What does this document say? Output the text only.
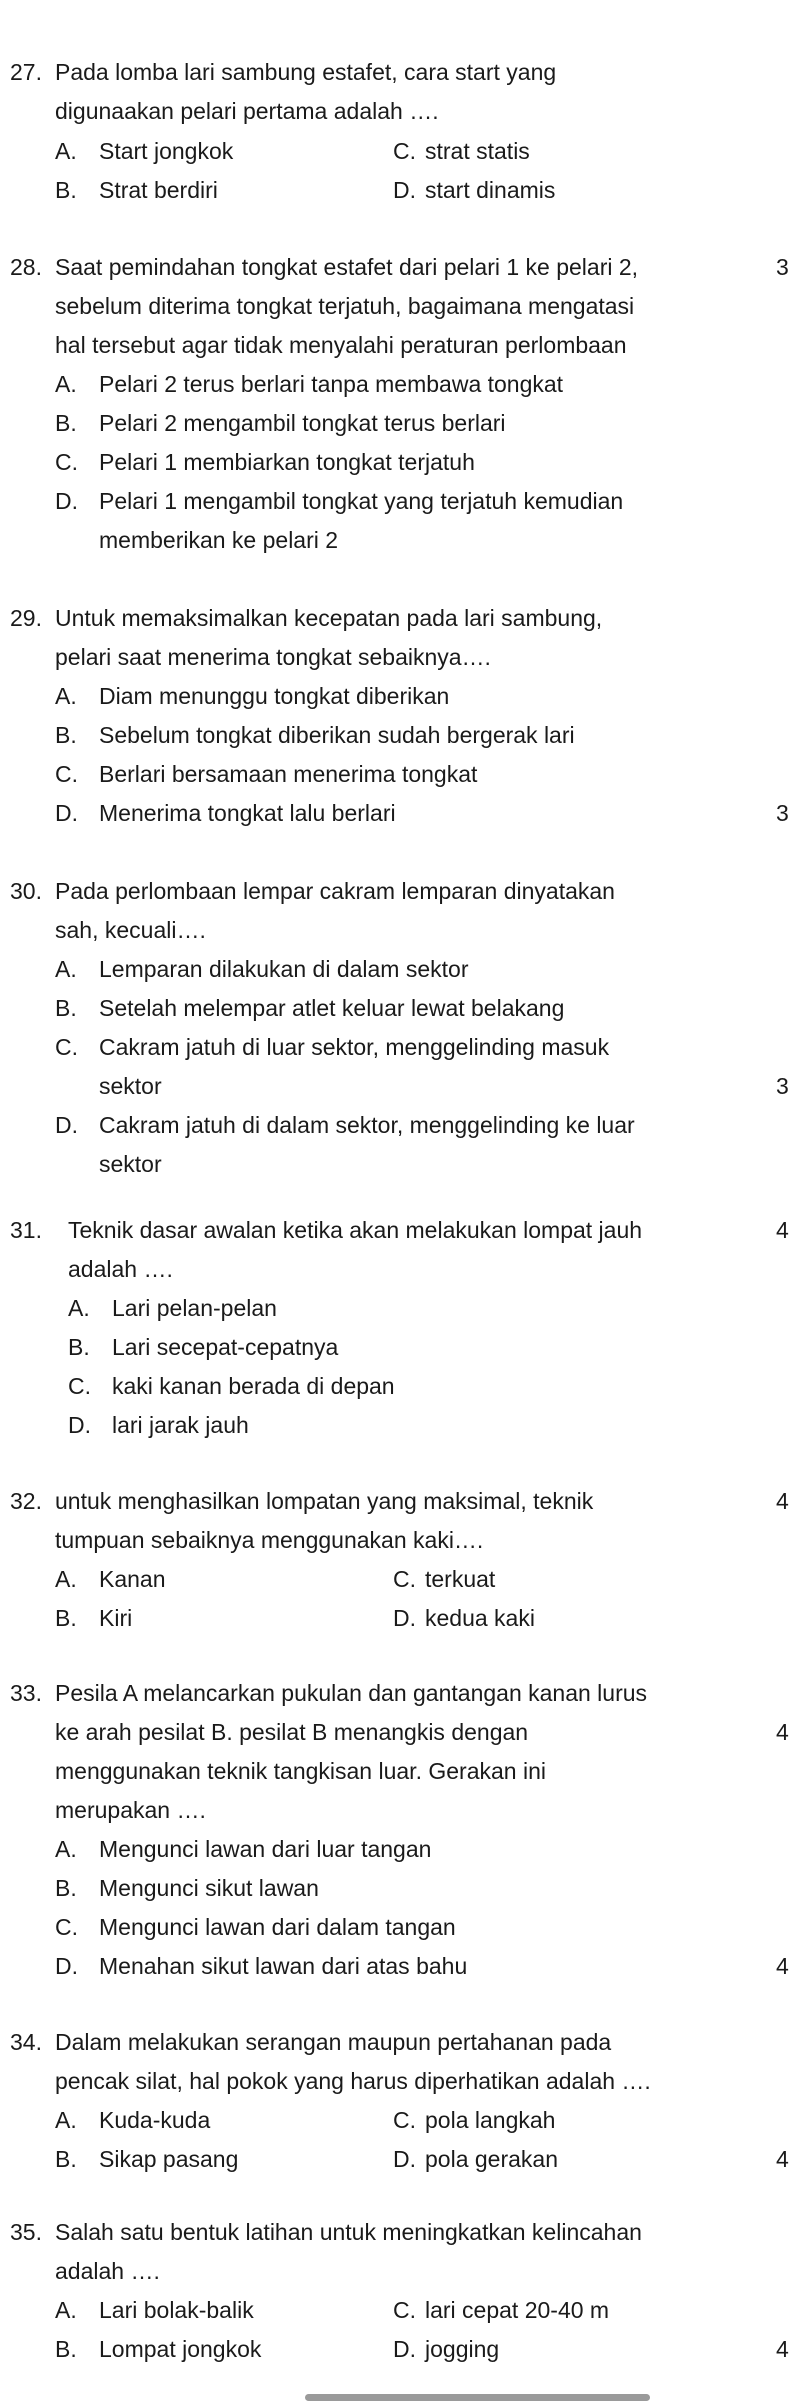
27. Pada lomba lari sambung estafet, cara start yang
digunaakan pelari pertama adalah ….
A. Start jongkok	C. strat statis
B. Strat berdiri	D. start dinamis
28. Saat pemindahan tongkat estafet dari pelari 1 ke pelari 2,
sebelum diterima tongkat terjatuh, bagaimana mengatasi
hal tersebut agar tidak menyalahi peraturan perlombaan
A. Pelari 2 terus berlari tanpa membawa tongkat
B. Pelari 2 mengambil tongkat terus berlari
C. Pelari 1 membiarkan tongkat terjatuh
D. Pelari 1 mengambil tongkat yang terjatuh kemudian
memberikan ke pelari 2
29. Untuk memaksimalkan kecepatan pada lari sambung,
pelari saat menerima tongkat sebaiknya….
A. Diam menunggu tongkat diberikan
B. Sebelum tongkat diberikan sudah bergerak lari
C. Berlari bersamaan menerima tongkat
D. Menerima tongkat lalu berlari
30. Pada perlombaan lempar cakram lemparan dinyatakan
sah, kecuali….
A. Lemparan dilakukan di dalam sektor
B. Setelah melempar atlet keluar lewat belakang
C. Cakram jatuh di luar sektor, menggelinding masuk
sektor
D. Cakram jatuh di dalam sektor, menggelinding ke luar
sektor
31. Teknik dasar awalan ketika akan melakukan lompat jauh
adalah ….
A. Lari pelan-pelan
B. Lari secepat-cepatnya
C. kaki kanan berada di depan
D. lari jarak jauh
32. untuk menghasilkan lompatan yang maksimal, teknik
tumpuan sebaiknya menggunakan kaki….
A. Kanan	C. terkuat
B. Kiri	D. kedua kaki
33. Pesila A melancarkan pukulan dan gantangan kanan lurus
ke arah pesilat B. pesilat B menangkis dengan
menggunakan teknik tangkisan luar. Gerakan ini
merupakan ….
A. Mengunci lawan dari luar tangan
B. Mengunci sikut lawan
C. Mengunci lawan dari dalam tangan
D. Menahan sikut lawan dari atas bahu
34. Dalam melakukan serangan maupun pertahanan pada
pencak silat, hal pokok yang harus diperhatikan adalah ….
A. Kuda-kuda	C. pola langkah
B. Sikap pasang	D. pola gerakan
35. Salah satu bentuk latihan untuk meningkatkan kelincahan
adalah ….
A. Lari bolak-balik	C. lari cepat 20-40 m
B. Lompat jongkok	D. jogging
3
3
3
4
4
4
4
4
4
